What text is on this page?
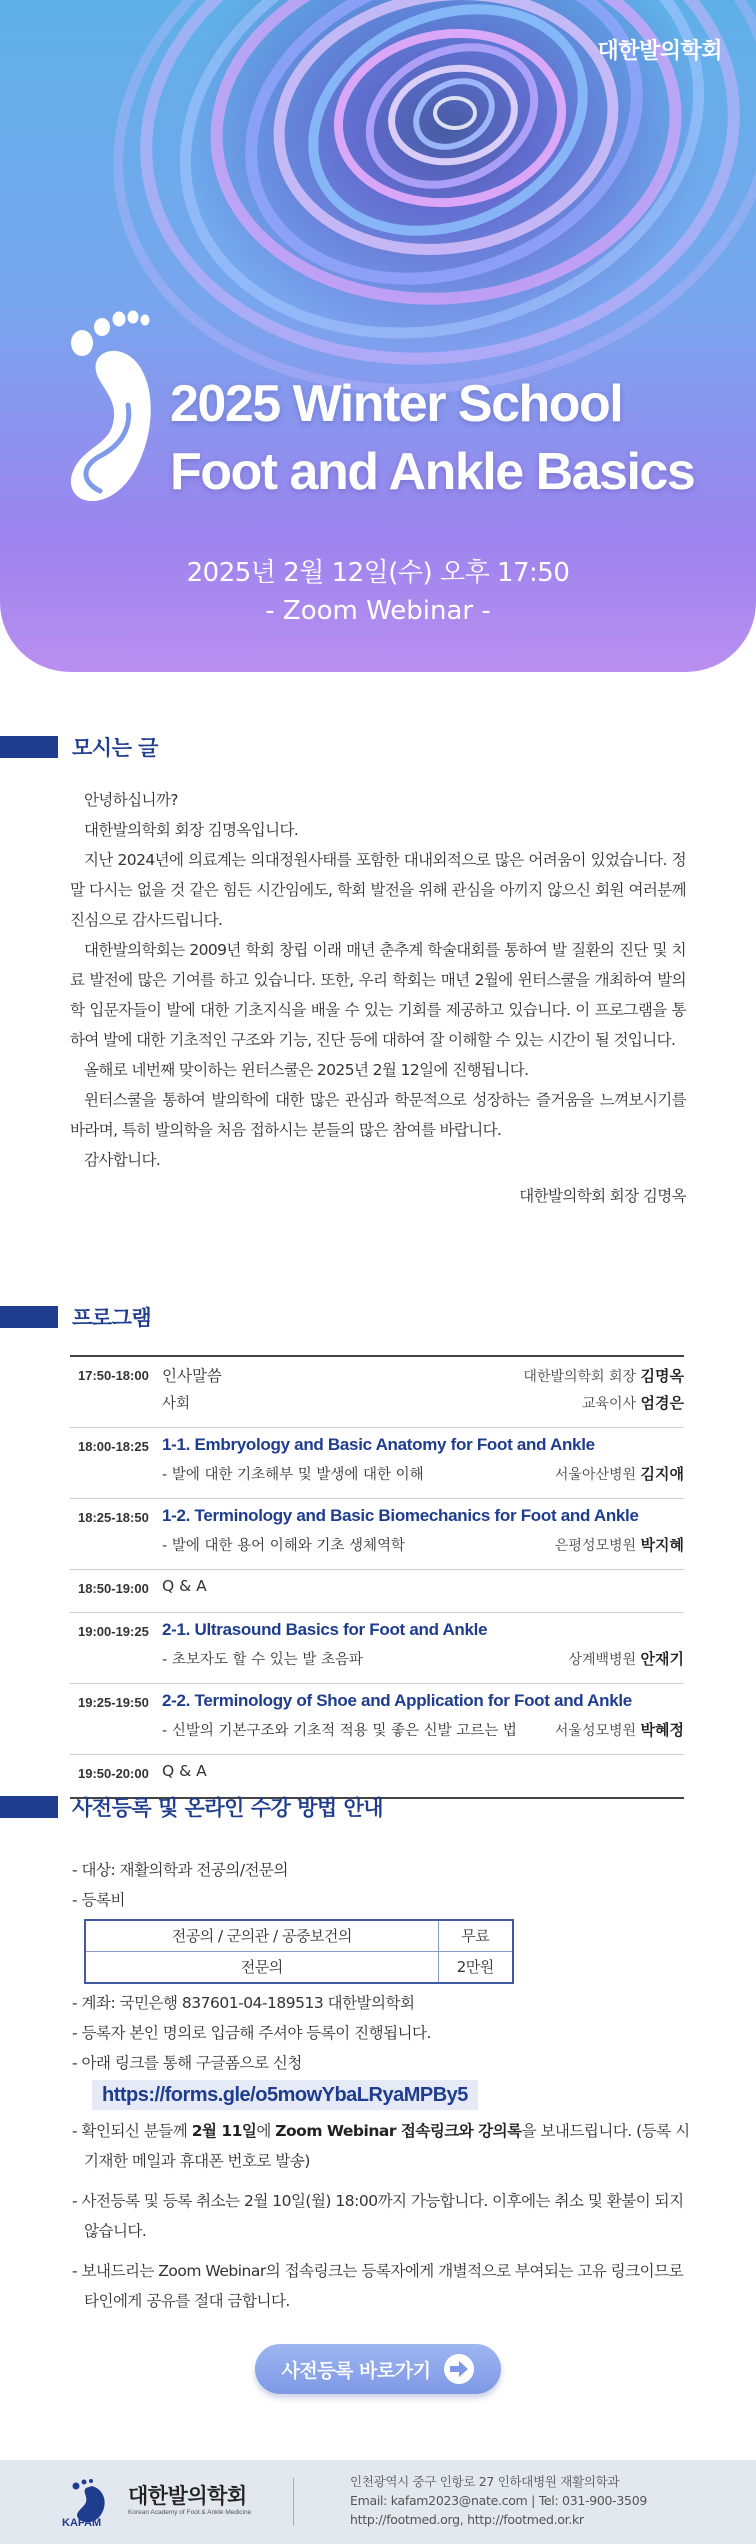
대한발의학회
2025 Winter School
Foot and Ankle Basics
2025년 2월 12일(수) 오후 17:50
- Zoom Webinar -
모시는 글

안녕하십니까?

대한발의학회 회장 김명옥입니다.

지난 2024년에 의료계는 의대정원사태를 포함한 대내외적으로 많은 어려움이 있었습니다. 정말 다시는 없을 것 같은 힘든 시간임에도, 학회 발전을 위해 관심을 아끼지 않으신 회원 여러분께 진심으로 감사드립니다.

대한발의학회는 2009년 학회 창립 이래 매년 춘추계 학술대회를 통하여 발 질환의 진단 및 치료 발전에 많은 기여를 하고 있습니다. 또한, 우리 학회는 매년 2월에 윈터스쿨을 개최하여 발의학 입문자들이 발에 대한 기초지식을 배울 수 있는 기회를 제공하고 있습니다. 이 프로그램을 통하여 발에 대한 기초적인 구조와 기능, 진단 등에 대하여 잘 이해할 수 있는 시간이 될 것입니다.

올해로 네번째 맞이하는 윈터스쿨은 2025년 2월 12일에 진행됩니다.

윈터스쿨을 통하여 발의학에 대한 많은 관심과 학문적으로 성장하는 즐거움을 느껴보시기를 바라며, 특히 발의학을 처음 접하시는 분들의 많은 참여를 바랍니다.

감사합니다.

대한발의학회 회장 김명옥

프로그램
17:50-18:00 인사말씀	대한발의학회 회장 김명옥
사회	교육이사 엄경은
18:00-18:25 1-1. Embryology and Basic Anatomy for Foot and Ankle
- 발에 대한 기초해부 및 발생에 대한 이해	서울아산병원 김지애
18:25-18:50 1-2. Terminology and Basic Biomechanics for Foot and Ankle
- 발에 대한 용어 이해와 기초 생체역학	은평성모병원 박지혜
18:50-19:00 Q & A
19:00-19:25 2-1. Ultrasound Basics for Foot and Ankle
- 초보자도 할 수 있는 발 초음파	상계백병원 안재기
19:25-19:50 2-2. Terminology of Shoe and Application for Foot and Ankle
- 신발의 기본구조와 기초적 적용 및 좋은 신발 고르는 법	서울성모병원 박혜정
19:50-20:00 Q & A
사전등록 및 온라인 수강 방법 안내
- 대상: 재활의학과 전공의/전문의
- 등록비
전공의 / 군의관 / 공중보건의	무료
전문의	2만원
- 계좌: 국민은행 837601-04-189513 대한발의학회
- 등록자 본인 명의로 입금해 주셔야 등록이 진행됩니다.
- 아래 링크를 통해 구글폼으로 신청
https://forms.gle/o5mowYbaLRyaMPBy5
- 확인되신 분들께 2월 11일에 Zoom Webinar 접속링크와 강의록을 보내드립니다. (등록 시 기재한 메일과 휴대폰 번호로 발송)
- 사전등록 및 등록 취소는 2월 10일(월) 18:00까지 가능합니다. 이후에는 취소 및 환불이 되지 않습니다.
- 보내드리는 Zoom Webinar의 접속링크는 등록자에게 개별적으로 부여되는 고유 링크이므로 타인에게 공유를 절대 금합니다.
사전등록 바로가기
KAFAM
대한발의학회
Korean Academy of Foot & Ankle Medicine
인천광역시 중구 인항로 27 인하대병원 재활의학과
Email: kafam2023@nate.com | Tel: 031-900-3509
http://footmed.org, http://footmed.or.kr
